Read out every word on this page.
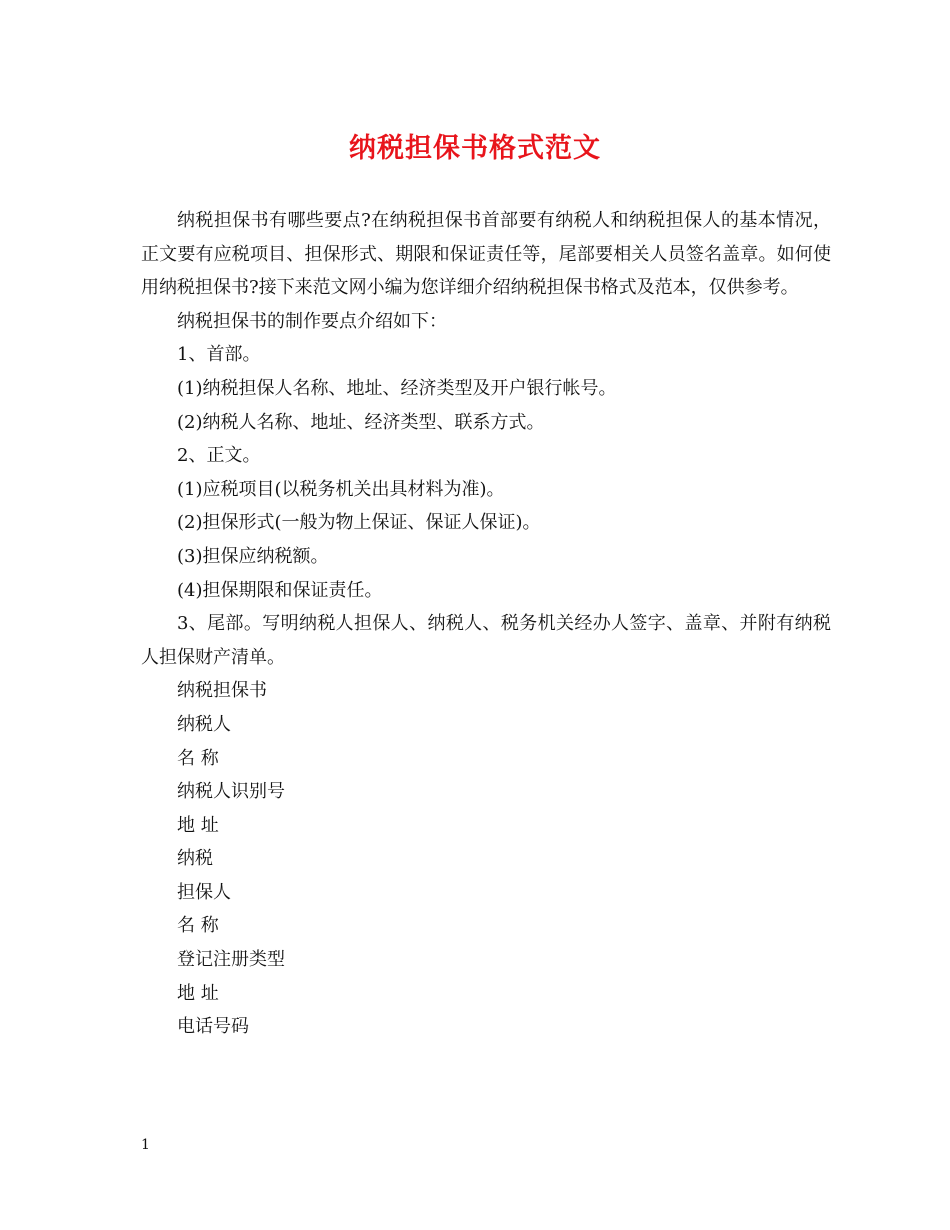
纳税担保书格式范文

纳税担保书有哪些要点?在纳税担保书首部要有纳税人和纳税担保人的基本情况，正文要有应税项目、担保形式、期限和保证责任等，尾部要相关人员签名盖章。如何使用纳税担保书?接下来范文网小编为您详细介绍纳税担保书格式及范本，仅供参考。

纳税担保书的制作要点介绍如下：

1、首部。

(1)纳税担保人名称、地址、经济类型及开户银行帐号。

(2)纳税人名称、地址、经济类型、联系方式。

2、正文。

(1)应税项目(以税务机关出具材料为准)。

(2)担保形式(一般为物上保证、保证人保证)。

(3)担保应纳税额。

(4)担保期限和保证责任。

3、尾部。写明纳税人担保人、纳税人、税务机关经办人签字、盖章、并附有纳税人担保财产清单。

纳税担保书

纳税人

名 称

纳税人识别号

地 址

纳税

担保人

名 称

登记注册类型

地 址

电话号码

1
